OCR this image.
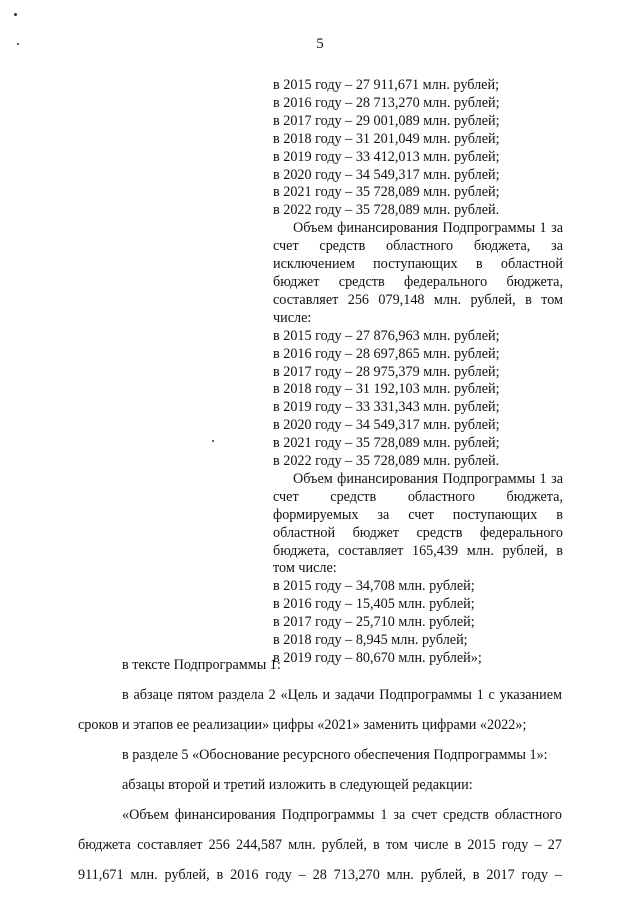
5
в 2015 году – 27 911,671 млн. рублей;
в 2016 году – 28 713,270 млн. рублей;
в 2017 году – 29 001,089 млн. рублей;
в 2018 году – 31 201,049 млн. рублей;
в 2019 году – 33 412,013 млн. рублей;
в 2020 году – 34 549,317 млн. рублей;
в 2021 году – 35 728,089 млн. рублей;
в 2022 году – 35 728,089 млн. рублей.
Объем финансирования Подпрограммы 1 за счет средств областного бюджета, за исключением поступающих в областной бюджет средств федерального бюджета, составляет 256 079,148 млн. рублей, в том числе:
в 2015 году – 27 876,963 млн. рублей;
в 2016 году – 28 697,865 млн. рублей;
в 2017 году – 28 975,379 млн. рублей;
в 2018 году – 31 192,103 млн. рублей;
в 2019 году – 33 331,343 млн. рублей;
в 2020 году – 34 549,317 млн. рублей;
в 2021 году – 35 728,089 млн. рублей;
в 2022 году – 35 728,089 млн. рублей.
Объем финансирования Подпрограммы 1 за счет средств областного бюджета, формируемых за счет поступающих в областной бюджет средств федерального бюджета, составляет 165,439 млн. рублей, в том числе:
в 2015 году – 34,708 млн. рублей;
в 2016 году – 15,405 млн. рублей;
в 2017 году – 25,710 млн. рублей;
в 2018 году – 8,945 млн. рублей;
в 2019 году – 80,670 млн. рублей»;
в тексте Подпрограммы 1:
в абзаце пятом раздела 2 «Цель и задачи Подпрограммы 1 с указанием сроков и этапов ее реализации» цифры «2021» заменить цифрами «2022»;
в разделе 5 «Обоснование ресурсного обеспечения Подпрограммы 1»:
абзацы второй и третий изложить в следующей редакции:
«Объем финансирования Подпрограммы 1 за счет средств областного бюджета составляет 256 244,587 млн. рублей, в том числе в 2015 году – 27 911,671 млн. рублей, в 2016 году – 28 713,270 млн. рублей, в 2017 году –
